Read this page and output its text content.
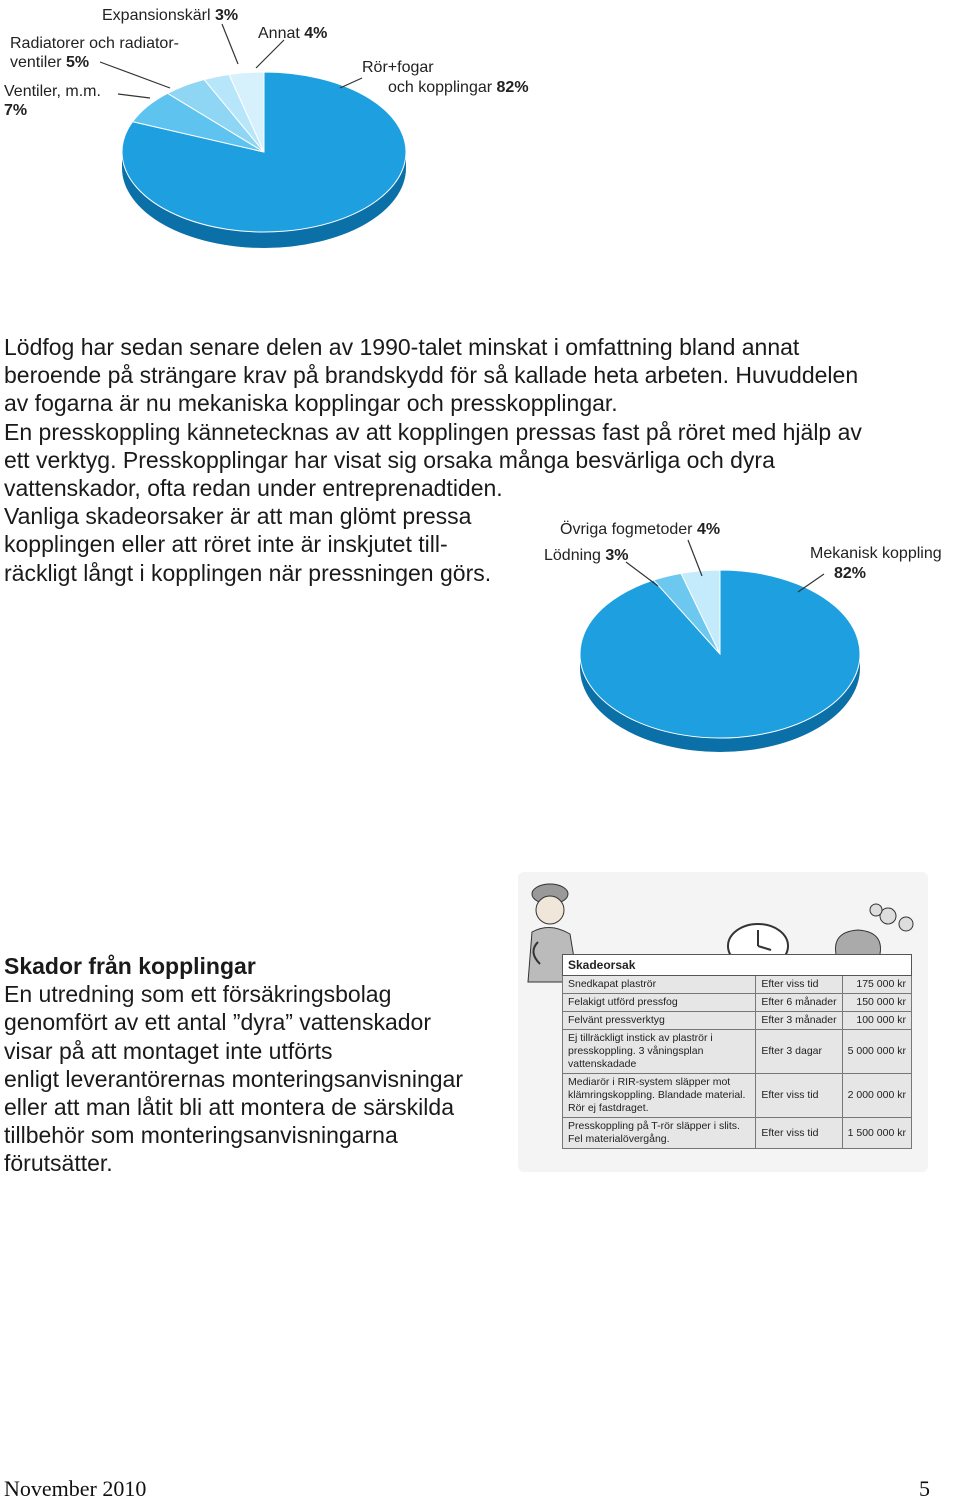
Expansionskärl 3%
Annat 4%
Radiatorer och radiator-
ventiler 5%
Ventiler, m.m.
7%
Rör+fogar
och kopplingar 82%
Lödfog har sedan senare delen av 1990-talet minskat i omfattning bland annat
beroende på strängare krav på brandskydd för så kallade heta arbeten. Huvuddelen
av fogarna är nu mekaniska kopplingar och presskopplingar.
En presskoppling kännetecknas av att kopplingen pressas fast på röret med hjälp av
ett verktyg. Presskopplingar har visat sig orsaka många besvärliga och dyra
vattenskador, ofta redan under entreprenadtiden.
Vanliga skadeorsaker är att man glömt pressa
kopplingen eller att röret inte är inskjutet till-
räckligt långt i kopplingen när pressningen görs.
Övriga fogmetoder 4%
Lödning 3%	Mekanisk koppling
82%
Skador från kopplingar
En utredning som ett försäkringsbolag
genomfört av ett antal ”dyra” vattenskador
visar på att montaget inte utförts
enligt leverantörernas monteringsanvisningar
eller att man låtit bli att montera de särskilda
tillbehör som monteringsanvisningarna
förutsätter.
Skadeorsak		
Snedkapat plaströr	Efter viss tid	175 000 kr
Felakigt utförd pressfog	Efter 6 månader	150 000 kr
Felvänt pressverktyg	Efter 3 månader	100 000 kr
Ej tillräckligt instick av plaströr i presskoppling. 3 våningsplan vattenskadade	Efter 3 dagar	5 000 000 kr
Mediarör i RIR-system släpper mot klämringskoppling. Blandade material. Rör ej fastdraget.	Efter viss tid	2 000 000 kr
Presskoppling på T-rör släpper i slits. Fel materialövergång.	Efter viss tid	1 500 000 kr
November 2010	5
